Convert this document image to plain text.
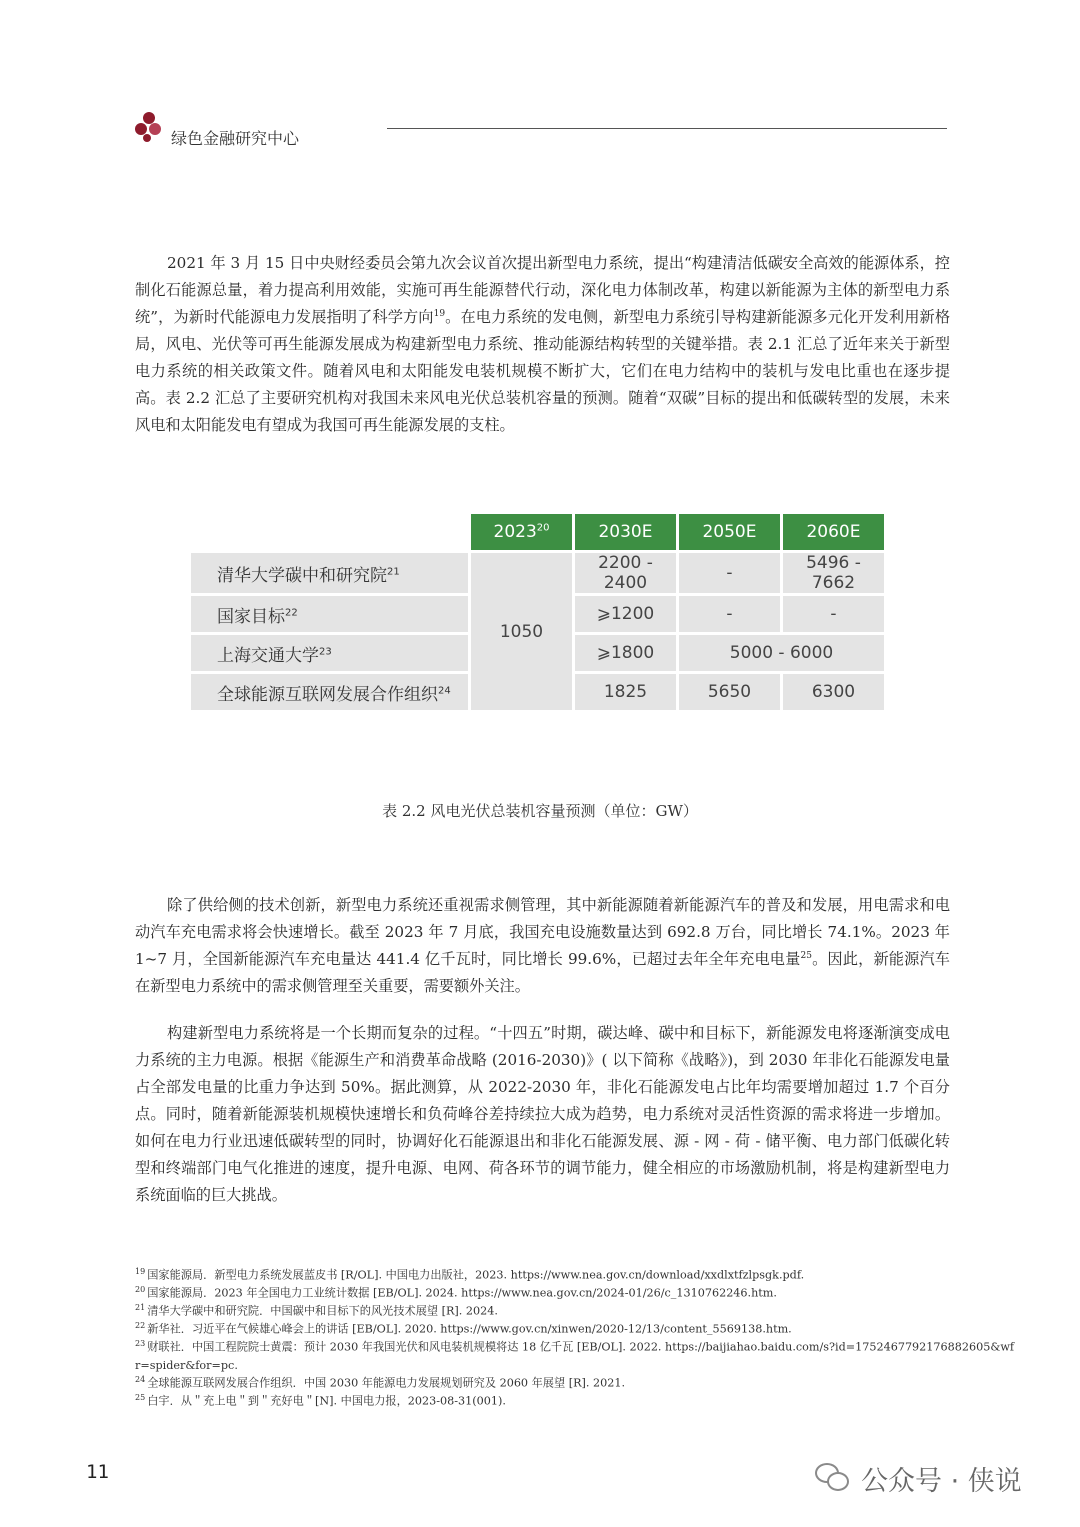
绿色金融研究中心

2021 年 3 月 15 日中央财经委员会第九次会议首次提出新型电力系统，提出“构建清洁低碳安全高效的能源体系，控制化石能源总量，着力提高利用效能，实施可再生能源替代行动，深化电力体制改革，构建以新能源为主体的新型电力系统”，为新时代能源电力发展指明了科学方向$^{19}$。在电力系统的发电侧，新型电力系统引导构建新能源多元化开发利用新格局，风电、光伏等可再生能源发展成为构建新型电力系统、推动能源结构转型的关键举措。表 2.1 汇总了近年来关于新型电力系统的相关政策文件。随着风电和太阳能发电装机规模不断扩大，它们在电力结构中的装机与发电比重也在逐步提高。表 2.2 汇总了主要研究机构对我国未来风电光伏总装机容量的预测。随着“双碳”目标的提出和低碳转型的发展，未来风电和太阳能发电有望成为我国可再生能源发展的支柱。

	2023$^{20}$	2030E	2050E	2060E
清华大学碳中和研究院$^{21}$	1050	2200 - 2400	-	5496 - 7662
国家目标$^{22}$		⩾1200	-	-
上海交通大学$^{23}$		⩾1800	5000 - 6000	
全球能源互联网发展合作组织$^{24}$		1825	5650	6300
表 2.2 风电光伏总装机容量预测（单位：GW）

除了供给侧的技术创新，新型电力系统还重视需求侧管理，其中新能源随着新能源汽车的普及和发展，用电需求和电动汽车充电需求将会快速增长。截至 2023 年 7 月底，我国充电设施数量达到 692.8 万台，同比增长 74.1%。2023 年 1~7 月，全国新能源汽车充电量达 441.4 亿千瓦时，同比增长 99.6%，已超过去年全年充电电量$^{25}$。因此，新能源汽车在新型电力系统中的需求侧管理至关重要，需要额外关注。

构建新型电力系统将是一个长期而复杂的过程。“十四五”时期，碳达峰、碳中和目标下，新能源发电将逐渐演变成电力系统的主力电源。根据《能源生产和消费革命战略 (2016-2030)》( 以下简称《战略》)，到 2030 年非化石能源发电量占全部发电量的比重力争达到 50%。据此测算，从 2022-2030 年，非化石能源发电占比年均需要增加超过 1.7 个百分点。同时，随着新能源装机规模快速增长和负荷峰谷差持续拉大成为趋势，电力系统对灵活性资源的需求将进一步增加。如何在电力行业迅速低碳转型的同时，协调好化石能源退出和非化石能源发展、源 - 网 - 荷 - 储平衡、电力部门低碳化转型和终端部门电气化推进的速度，提升电源、电网、荷各环节的调节能力，健全相应的市场激励机制，将是构建新型电力系统面临的巨大挑战。

$^{19}$ 国家能源局．新型电力系统发展蓝皮书 [R/OL]. 中国电力出版社，2023. https://www.nea.gov.cn/download/xxdlxtfzlpsgk.pdf.

$^{20}$ 国家能源局．2023 年全国电力工业统计数据 [EB/OL]. 2024. https://www.nea.gov.cn/2024-01/26/c_1310762246.htm.

$^{21}$ 清华大学碳中和研究院．中国碳中和目标下的风光技术展望 [R]. 2024.

$^{22}$ 新华社．习近平在气候雄心峰会上的讲话 [EB/OL]. 2020. https://www.gov.cn/xinwen/2020-12/13/content_5569138.htm.

$^{23}$ 财联社．中国工程院院士黄震：预计 2030 年我国光伏和风电装机规模将达 18 亿千瓦 [EB/OL]. 2022. https://baijiahao.baidu.com/s?id=1752467792176882605&wfr=spider&for=pc.

$^{24}$ 全球能源互联网发展合作组织．中国 2030 年能源电力发展规划研究及 2060 年展望 [R]. 2021.

$^{25}$ 白宇．从＂充上电＂到＂充好电＂[N]. 中国电力报，2023-08-31(001).

11	公众号 · 侠说
